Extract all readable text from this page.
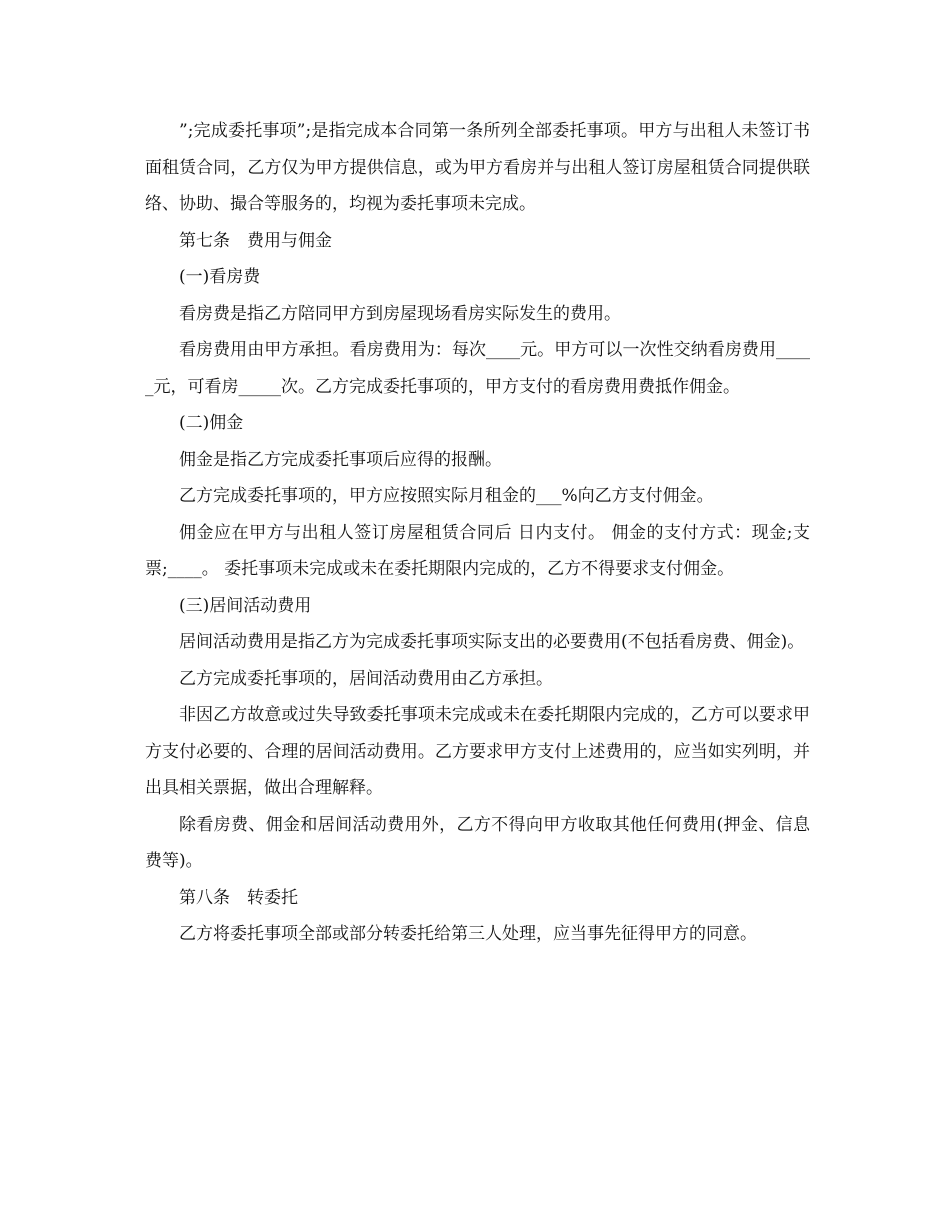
”;完成委托事项”;是指完成本合同第一条所列全部委托事项。甲方与出租人未签订书面租赁合同，乙方仅为甲方提供信息，或为甲方看房并与出租人签订房屋租赁合同提供联络、协助、撮合等服务的，均视为委托事项未完成。

第七条　费用与佣金

(一)看房费

看房费是指乙方陪同甲方到房屋现场看房实际发生的费用。

看房费用由甲方承担。看房费用为：每次____元。甲方可以一次性交纳看房费用_____元，可看房_____次。乙方完成委托事项的，甲方支付的看房费用费抵作佣金。

(二)佣金

佣金是指乙方完成委托事项后应得的报酬。

乙方完成委托事项的，甲方应按照实际月租金的___%向乙方支付佣金。

佣金应在甲方与出租人签订房屋租赁合同后 日内支付。 佣金的支付方式：现金;支票;____。 委托事项未完成或未在委托期限内完成的，乙方不得要求支付佣金。

(三)居间活动费用

居间活动费用是指乙方为完成委托事项实际支出的必要费用(不包括看房费、佣金)。

乙方完成委托事项的，居间活动费用由乙方承担。

非因乙方故意或过失导致委托事项未完成或未在委托期限内完成的，乙方可以要求甲方支付必要的、合理的居间活动费用。乙方要求甲方支付上述费用的，应当如实列明，并出具相关票据，做出合理解释。

除看房费、佣金和居间活动费用外，乙方不得向甲方收取其他任何费用(押金、信息费等)。

第八条　转委托

乙方将委托事项全部或部分转委托给第三人处理，应当事先征得甲方的同意。
